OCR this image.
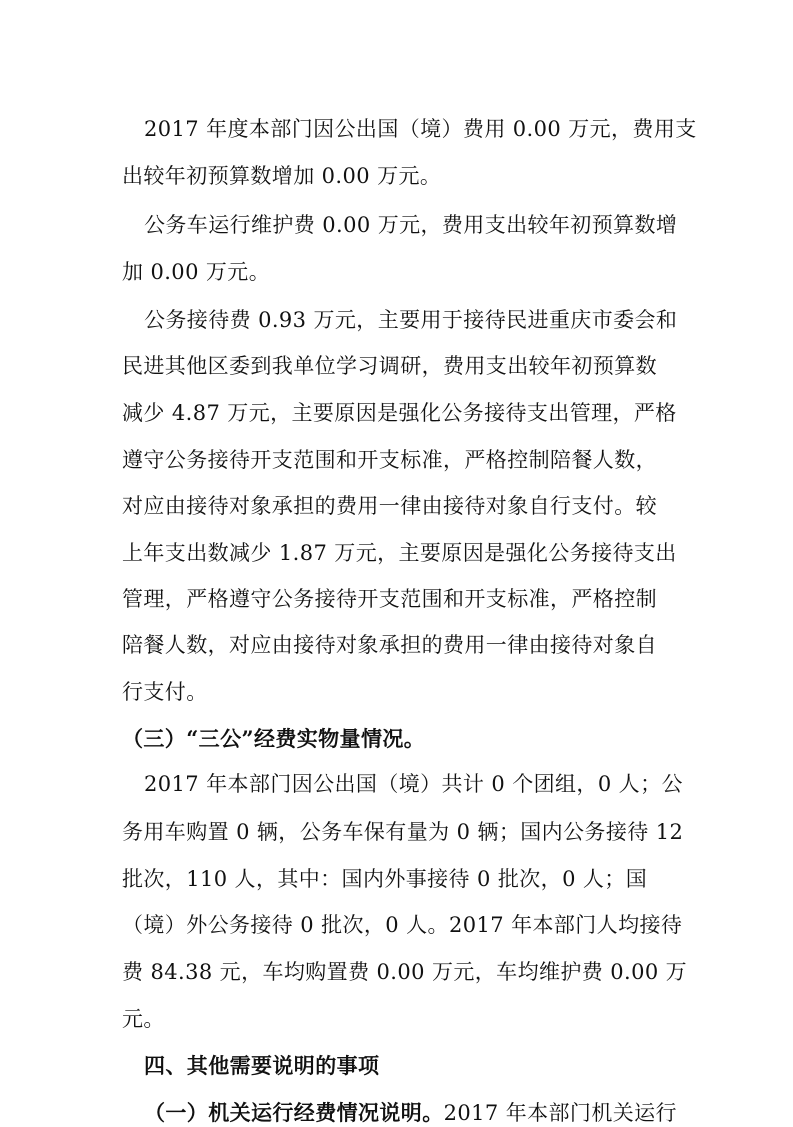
2017 年度本部门因公出国（境）费用 0.00 万元，费用支
出较年初预算数增加 0.00 万元。
公务车运行维护费 0.00 万元，费用支出较年初预算数增
加 0.00 万元。
公务接待费 0.93 万元，主要用于接待民进重庆市委会和
民进其他区委到我单位学习调研，费用支出较年初预算数
减少 4.87 万元，主要原因是强化公务接待支出管理，严格
遵守公务接待开支范围和开支标准，严格控制陪餐人数，
对应由接待对象承担的费用一律由接待对象自行支付。较
上年支出数减少 1.87 万元，主要原因是强化公务接待支出
管理，严格遵守公务接待开支范围和开支标准，严格控制
陪餐人数，对应由接待对象承担的费用一律由接待对象自
行支付。
（三）“三公”经费实物量情况。
2017 年本部门因公出国（境）共计 0 个团组，0 人；公
务用车购置 0 辆，公务车保有量为 0 辆；国内公务接待 12
批次，110 人，其中：国内外事接待 0 批次，0 人；国
（境）外公务接待 0 批次，0 人。2017 年本部门人均接待
费 84.38 元，车均购置费 0.00 万元，车均维护费 0.00 万
元。
四、其他需要说明的事项
（一）机关运行经费情况说明。2017 年本部门机关运行
